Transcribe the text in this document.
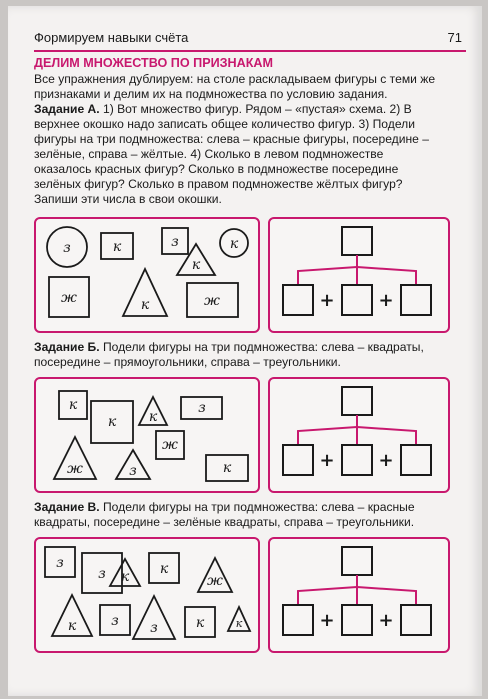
Формируем навыки счёта	71
ДЕЛИМ МНОЖЕСТВО ПО ПРИЗНАКАМ

Все упражнения дублируем: на столе раскладываем фигуры с теми же признаками и делим их на подмножества по условию задания.

Задание А. 1) Вот множество фигур. Рядом – «пустая» схема. 2) В верхнее окошко надо записать общее количество фигур. 3) Подели фигуры на три подмножества: слева – красные фигуры, посередине – зелёные, справа – жёлтые. 4) Сколько в левом подмножестве оказалось красных фигур? Сколько в подмножестве посередине зелёных фигур? Сколько в правом подмножестве жёлтых фигур? Запиши эти числа в свои окошки.

з	к	з	к
к
ж	к	ж	+ +
Задание Б. Подели фигуры на три подмножества: слева – квадраты, посередине – прямоугольники, справа – треугольники.
к
к к
з
ж
ж	з	к	+ +
Задание В. Подели фигуры на три подмножества: слева – красные квадраты, посередине – зелёные квадраты, справа – треугольники.
з
з к к
ж
к з з	к	к	+ +
